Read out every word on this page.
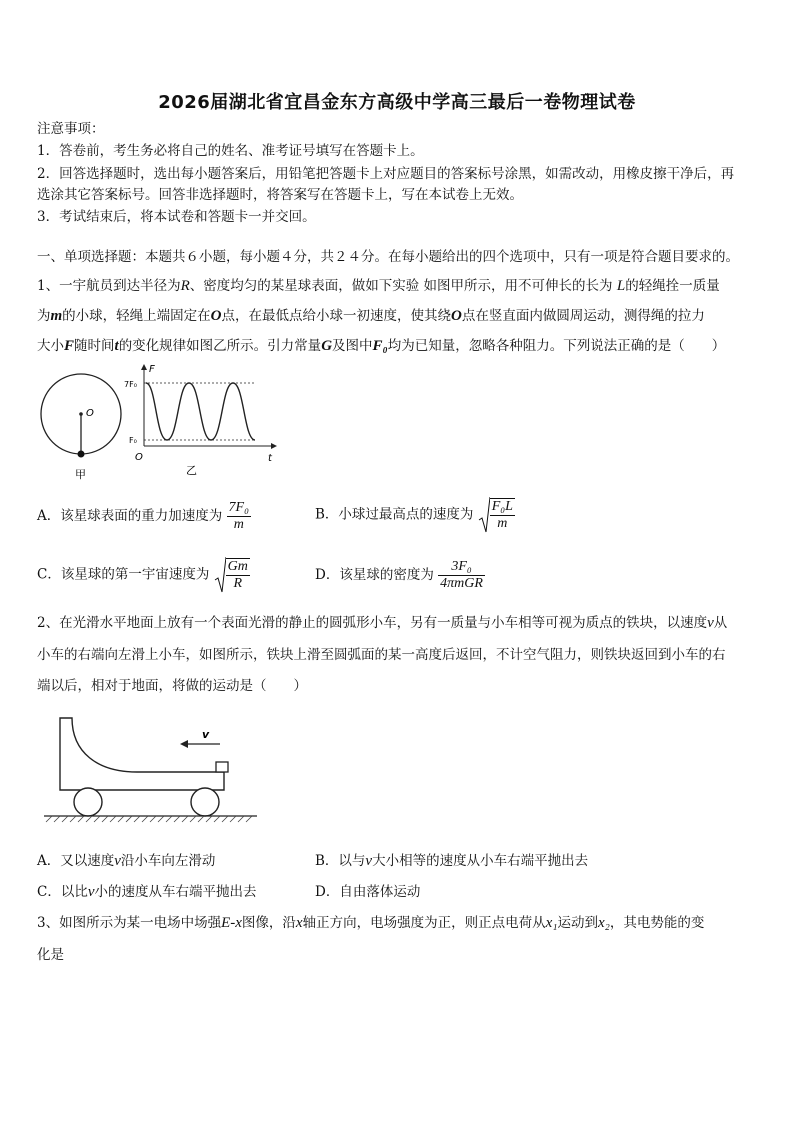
2026届湖北省宜昌金东方高级中学高三最后一卷物理试卷
注意事项：
1．答卷前，考生务必将自己的姓名、准考证号填写在答题卡上。
2．回答选择题时，选出每小题答案后，用铅笔把答题卡上对应题目的答案标号涂黑，如需改动，用橡皮擦干净后，再
选涂其它答案标号。回答非选择题时，将答案写在答题卡上，写在本试卷上无效。
3．考试结束后，将本试卷和答题卡一并交回。
一、单项选择题：本题共６小题，每小题４分，共２４分。在每小题给出的四个选项中，只有一项是符合题目要求的。
1、一宇航员到达半径为R、密度均匀的某星球表面，做如下实验 如图甲所示，用不可伸长的长为 L的轻绳拴一质量
为m的小球，轻绳上端固定在O点，在最低点给小球一初速度，使其绕O点在竖直面内做圆周运动，测得绳的拉力
大小F随时间t的变化规律如图乙所示。引力常量G及图中F₀均为已知量，忽略各种阻力。下列说法正确的是（　　）
O
甲
F
t
O
7F₀
F₀
乙
A．该星球表面的重力加速度为 $\frac{\text{7F₀}}{m}$	B．小球过最高点的速度为 $\frac{\text{F₀L}}{m}$
C．该星球的第一宇宙速度为 $\frac{Gm}{R}$	D．该星球的密度为 $\frac{\text{3F₀}}{\text{4πmGR}}$
2、在光滑水平地面上放有一个表面光滑的静止的圆弧形小车，另有一质量与小车相等可视为质点的铁块，以速度v从
小车的右端向左滑上小车，如图所示，铁块上滑至圆弧面的某一高度后返回，不计空气阻力，则铁块返回到小车的右
端以后，相对于地面，将做的运动是（　　）
v
A．又以速度v沿小车向左滑动	B．以与v大小相等的速度从小车右端平抛出去
C．以比v小的速度从车右端平抛出去	D．自由落体运动
3、如图所示为某一电场中场强E-x图像，沿x轴正方向，电场强度为正，则正点电荷从x₁运动到x₂，其电势能的变
化是
